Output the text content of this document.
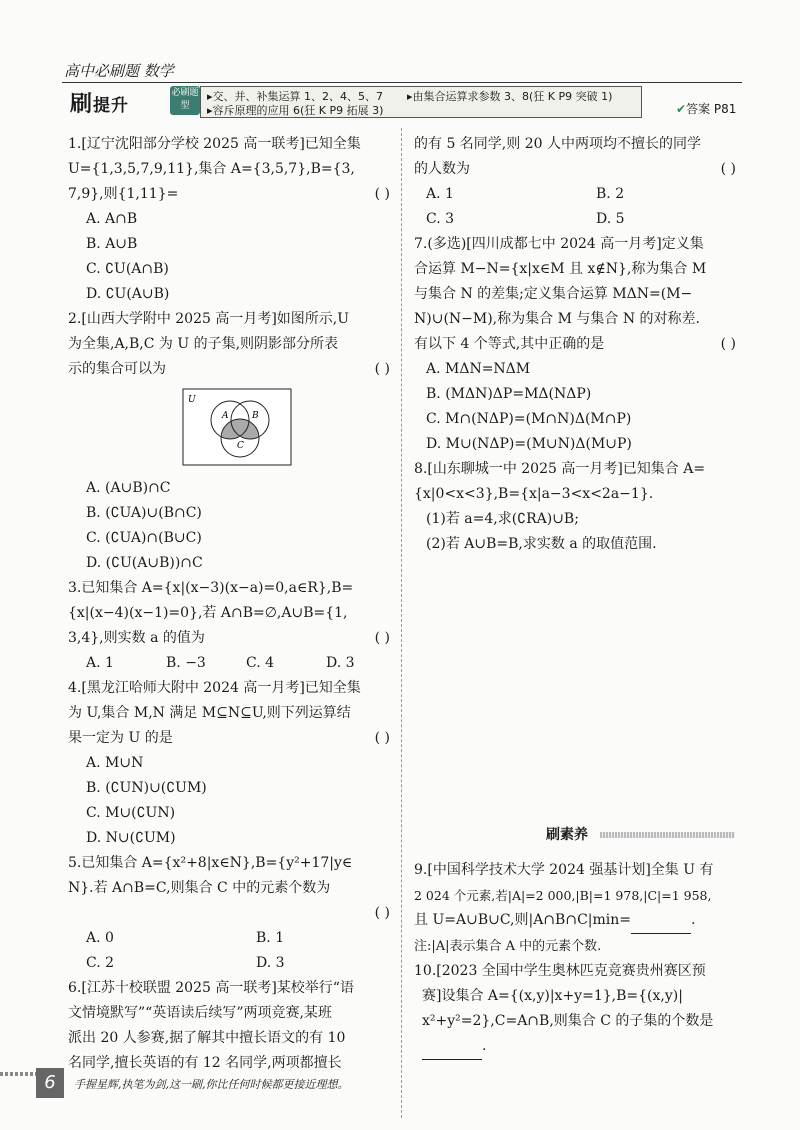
高中必刷题 数学
刷提升
必刷题型
▸交、并、补集运算 1、2、4、5、7 ▸由集合运算求参数 3、8(狂 K P9 突破 1)
▸容斥原理的应用 6(狂 K P9 拓展 3)	✔答案 P81

1.[辽宁沈阳部分学校 2025 高一联考]已知全集

U={1,3,5,7,9,11},集合 A={3,5,7},B={3,

7,9},则{1,11}=	( )

A. A∩B

B. A∪B

C. ∁U(A∩B)

D. ∁U(A∪B)

2.[山西大学附中 2025 高一月考]如图所示,U

为全集,A,B,C 为 U 的子集,则阴影部分所表

示的集合可以为	( )

U
A	B
C

A. (A∪B)∩C

B. (∁UA)∪(B∩C)

C. (∁UA)∩(B∪C)

D. (∁U(A∪B))∩C

3.已知集合 A={x|(x−3)(x−a)=0,a∈R},B=

{x|(x−4)(x−1)=0},若 A∩B=∅,A∪B={1,

3,4},则实数 a 的值为	( )

A. 1	B. −3	C. 4	D. 3

4.[黑龙江哈师大附中 2024 高一月考]已知全集

为 U,集合 M,N 满足 M⊆N⊆U,则下列运算结

果一定为 U 的是	( )

A. M∪N

B. (∁UN)∪(∁UM)

C. M∪(∁UN)

D. N∪(∁UM)

5.已知集合 A={x²+8|x∈N},B={y²+17|y∈

N}.若 A∩B=C,则集合 C 中的元素个数为

( )

A. 0	B. 1

C. 2	D. 3

6.[江苏十校联盟 2025 高一联考]某校举行“语

文情境默写”“英语读后续写”两项竞赛,某班

派出 20 人参赛,据了解其中擅长语文的有 10

名同学,擅长英语的有 12 名同学,两项都擅长

的有 5 名同学,则 20 人中两项均不擅长的同学

的人数为	( )

A. 1	B. 2

C. 3	D. 5

7.(多选)[四川成都七中 2024 高一月考]定义集

合运算 M−N={x|x∈M 且 x∉N},称为集合 M

与集合 N 的差集;定义集合运算 MΔN=(M−

N)∪(N−M),称为集合 M 与集合 N 的对称差.

有以下 4 个等式,其中正确的是	( )

A. MΔN=NΔM

B. (MΔN)ΔP=MΔ(NΔP)

C. M∩(NΔP)=(M∩N)Δ(M∩P)

D. M∪(NΔP)=(M∪N)Δ(M∪P)

8.[山东聊城一中 2025 高一月考]已知集合 A=

{x|0<x<3},B={x|a−3<x<2a−1}.

(1)若 a=4,求(∁RA)∪B;

(2)若 A∪B=B,求实数 a 的取值范围.

刷素养

9.[中国科学技术大学 2024 强基计划]全集 U 有

2 024 个元素,若|A|=2 000,|B|=1 978,|C|=1 958,

且 U=A∪B∪C,则|A∩B∩C|min=	.

注:|A|表示集合 A 中的元素个数.

10.[2023 全国中学生奥林匹克竞赛贵州赛区预

赛]设集合 A={(x,y)|x+y=1},B={(x,y)|

x²+y²=2},C=A∩B,则集合 C 的子集的个数是

.

6	手握星辉,执笔为剑,这一刷,你比任何时候都更接近理想。
